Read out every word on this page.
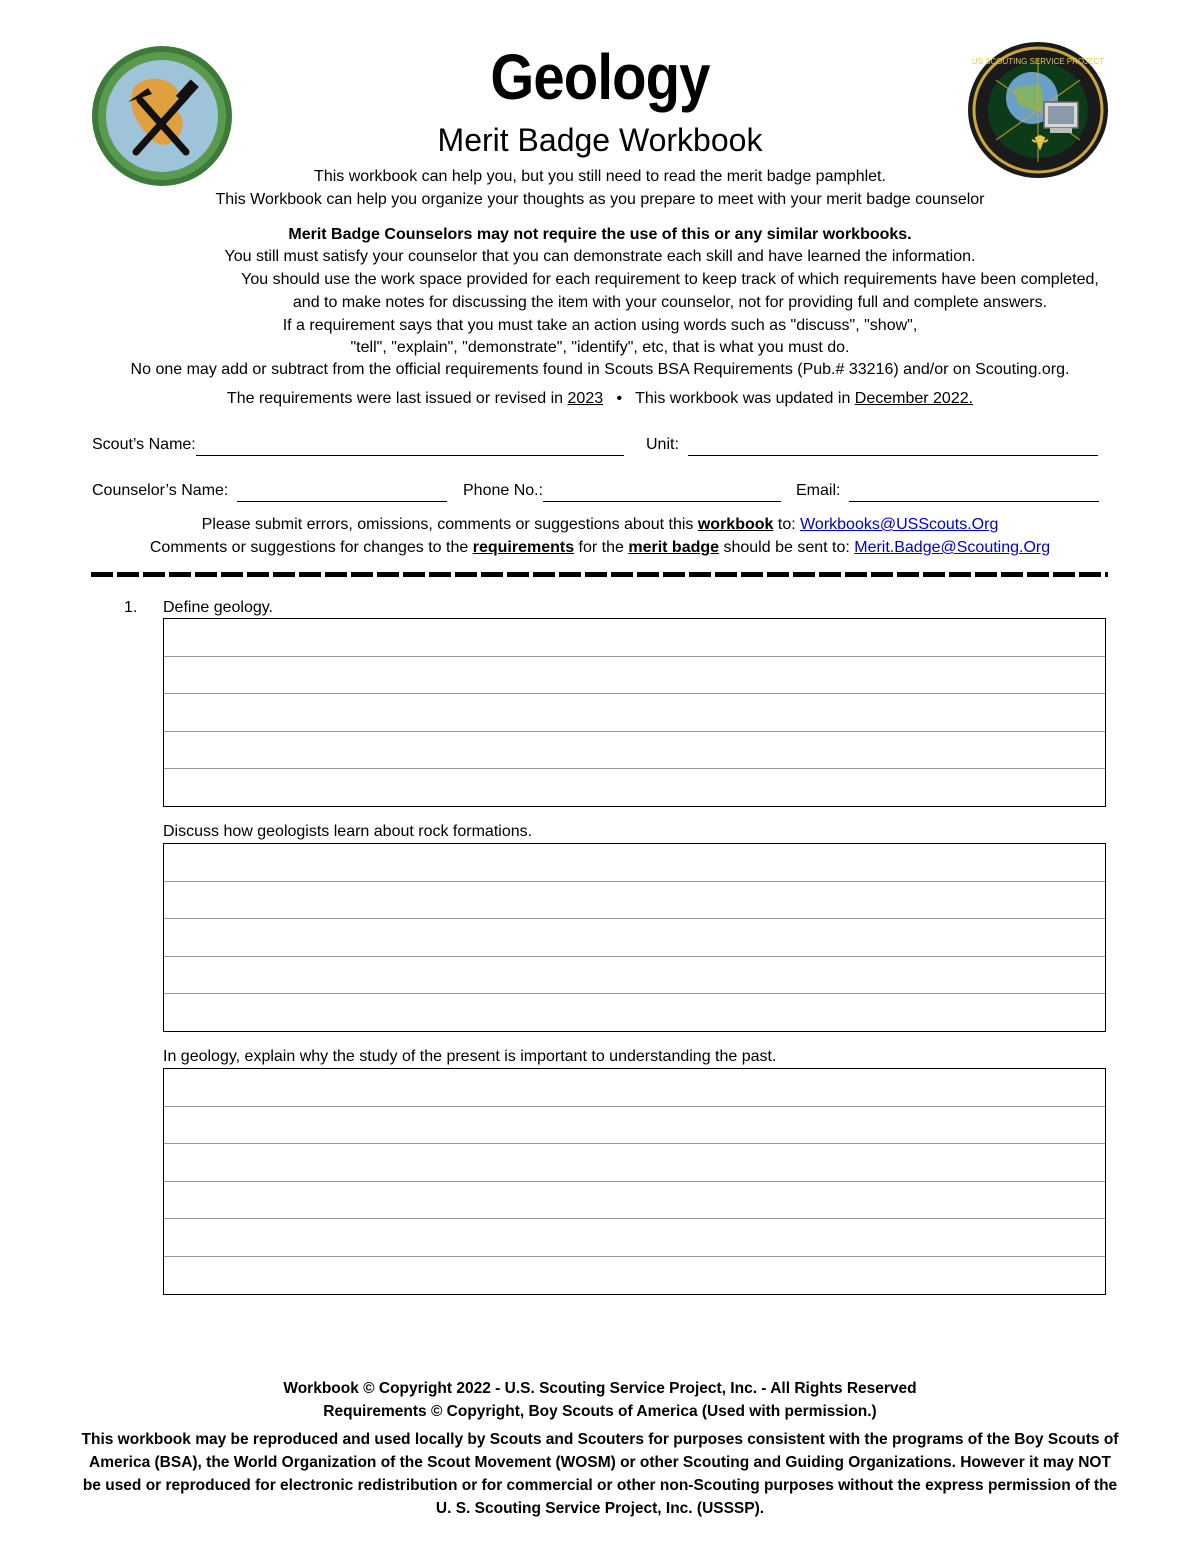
US SCOUTING SERVICE PROJECT
Geology
Merit Badge Workbook
This workbook can help you, but you still need to read the merit badge pamphlet.
This Workbook can help you organize your thoughts as you prepare to meet with your merit badge counselor
Merit Badge Counselors may not require the use of this or any similar workbooks.
You still must satisfy your counselor that you can demonstrate each skill and have learned the information.
You should use the work space provided for each requirement to keep track of which requirements have been completed,
and to make notes for discussing the item with your counselor, not for providing full and complete answers.
If a requirement says that you must take an action using words such as "discuss", "show",
"tell", "explain", "demonstrate", "identify", etc, that is what you must do.
No one may add or subtract from the official requirements found in Scouts BSA Requirements (Pub.# 33216) and/or on Scouting.org.
The requirements were last issued or revised in 2023 • This workbook was updated in December 2022.
Scout’s Name:	Unit:
Counselor’s Name:	Phone No.:	Email:
Please submit errors, omissions, comments or suggestions about this workbook to: Workbooks@USScouts.Org
Comments or suggestions for changes to the requirements for the merit badge should be sent to: Merit.Badge@Scouting.Org
1. Define geology.
Discuss how geologists learn about rock formations.
In geology, explain why the study of the present is important to understanding the past.
Workbook © Copyright 2022 - U.S. Scouting Service Project, Inc. - All Rights Reserved
Requirements © Copyright, Boy Scouts of America (Used with permission.)
This workbook may be reproduced and used locally by Scouts and Scouters for purposes consistent with the programs of the Boy Scouts of America (BSA), the World Organization of the Scout Movement (WOSM) or other Scouting and Guiding Organizations. However it may NOT be used or reproduced for electronic redistribution or for commercial or other non-Scouting purposes without the express permission of the U. S. Scouting Service Project, Inc. (USSSP).
